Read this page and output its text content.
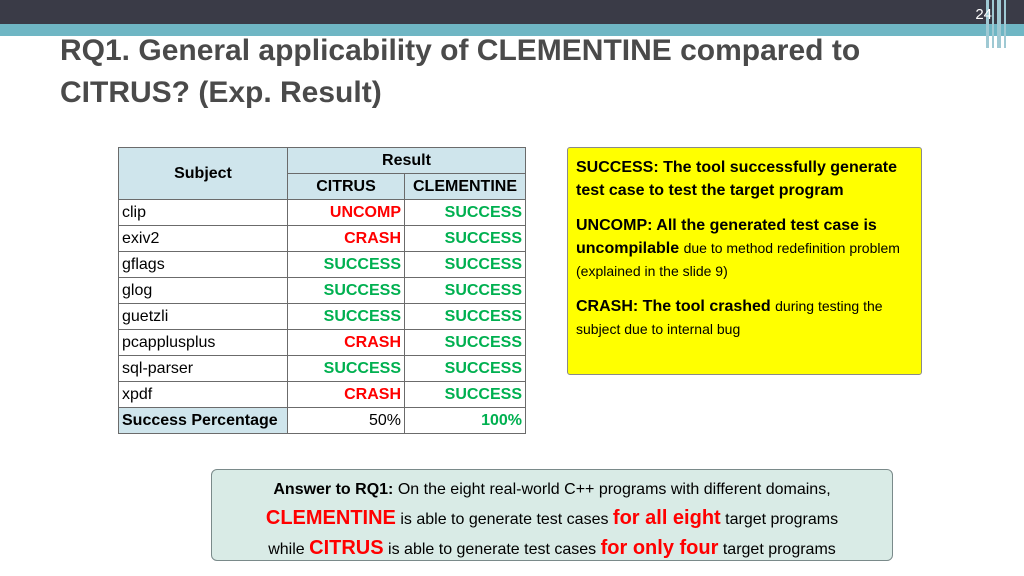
24
RQ1. General applicability of CLEMENTINE compared to CITRUS? (Exp. Result)
Subject	Result	
	CITRUS	CLEMENTINE
clip	UNCOMP	SUCCESS
exiv2	CRASH	SUCCESS
gflags	SUCCESS	SUCCESS
glog	SUCCESS	SUCCESS
guetzli	SUCCESS	SUCCESS
pcapplusplus	CRASH	SUCCESS
sql-parser	SUCCESS	SUCCESS
xpdf	CRASH	SUCCESS
Success Percentage	50%	100%

SUCCESS: The tool successfully generate test case to test the target program

UNCOMP: All the generated test case is uncompilable due to method redefinition problem (explained in the slide 9)

CRASH: The tool crashed during testing the subject due to internal bug

Answer to RQ1: On the eight real-world C++ programs with different domains,
CLEMENTINE is able to generate test cases for all eight target programs
while CITRUS is able to generate test cases for only four target programs
